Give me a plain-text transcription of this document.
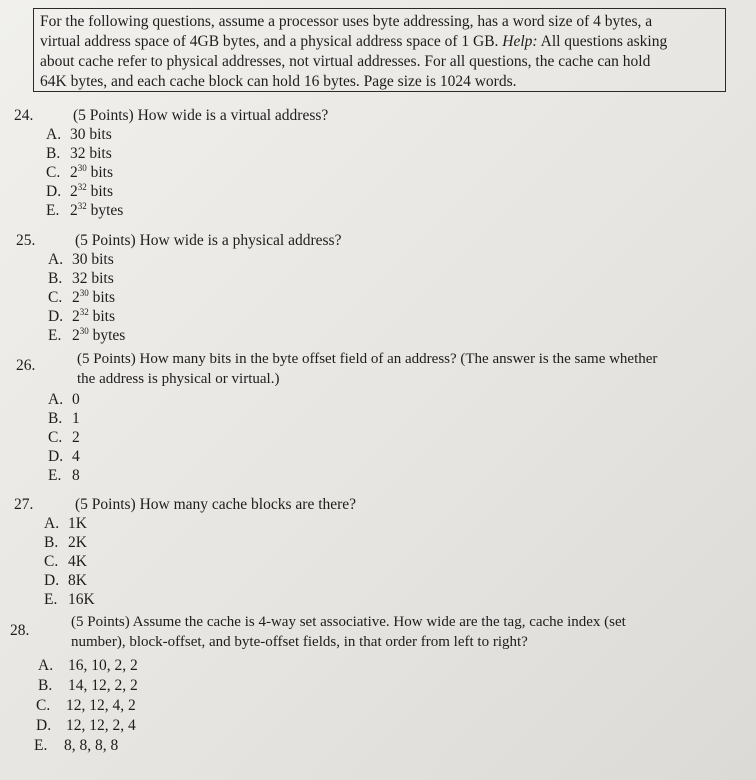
For the following questions, assume a processor uses byte addressing, has a word size of 4 bytes, a
virtual address space of 4GB bytes, and a physical address space of 1 GB. Help: All questions asking
about cache refer to physical addresses, not virtual addresses. For all questions, the cache can hold
64K bytes, and each cache block can hold 16 bytes. Page size is 1024 words.
24.	(5 Points) How wide is a virtual address?
A. 30 bits
B. 32 bits
C. $2^{30}$ bits
D. $2^{32}$ bits
E. $2^{32}$ bytes
25.	(5 Points) How wide is a physical address?
A. 30 bits
B. 32 bits
C. $2^{30}$ bits
D. $2^{32}$ bits
E. $2^{30}$ bytes
26.	(5 Points) How many bits in the byte offset field of an address? (The answer is the same whether
the address is physical or virtual.)
A. 0
B. 1
C. 2
D. 4
E. 8
27.	(5 Points) How many cache blocks are there?
A. 1K
B. 2K
C. 4K
D. 8K
E. 16K
28.	(5 Points) Assume the cache is 4-way set associative. How wide are the tag, cache index (set
number), block-offset, and byte-offset fields, in that order from left to right?
A. 16, 10, 2, 2
B. 14, 12, 2, 2
C. 12, 12, 4, 2
D. 12, 12, 2, 4
E. 8, 8, 8, 8
